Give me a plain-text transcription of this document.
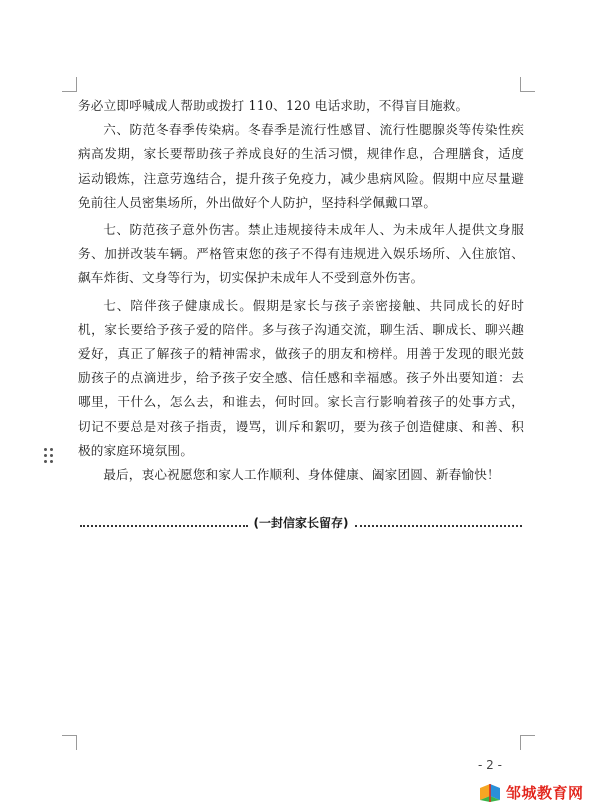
务必立即呼喊成人帮助或拨打 110、120 电话求助，不得盲目施救。

六、防范冬春季传染病。冬春季是流行性感冒、流行性腮腺炎等传染性疾病高发期，家长要帮助孩子养成良好的生活习惯，规律作息，合理膳食，适度运动锻炼，注意劳逸结合，提升孩子免疫力，减少患病风险。假期中应尽量避免前往人员密集场所，外出做好个人防护，坚持科学佩戴口罩。

七、防范孩子意外伤害。禁止违规接待未成年人、为未成年人提供文身服务、加拼改装车辆。严格管束您的孩子不得有违规进入娱乐场所、入住旅馆、飙车炸街、文身等行为，切实保护未成年人不受到意外伤害。

七、陪伴孩子健康成长。假期是家长与孩子亲密接触、共同成长的好时机，家长要给予孩子爱的陪伴。多与孩子沟通交流，聊生活、聊成长、聊兴趣爱好，真正了解孩子的精神需求，做孩子的朋友和榜样。用善于发现的眼光鼓励孩子的点滴进步，给予孩子安全感、信任感和幸福感。孩子外出要知道：去哪里，干什么，怎么去，和谁去，何时回。家长言行影响着孩子的处事方式，切记不要总是对孩子指责，谩骂，训斥和絮叨，要为孩子创造健康、和善、积极的家庭环境氛围。

最后，衷心祝愿您和家人工作顺利、身体健康、阖家团圆、新春愉快！

(一封信家长留存)
- 2 -
邹城教育网
